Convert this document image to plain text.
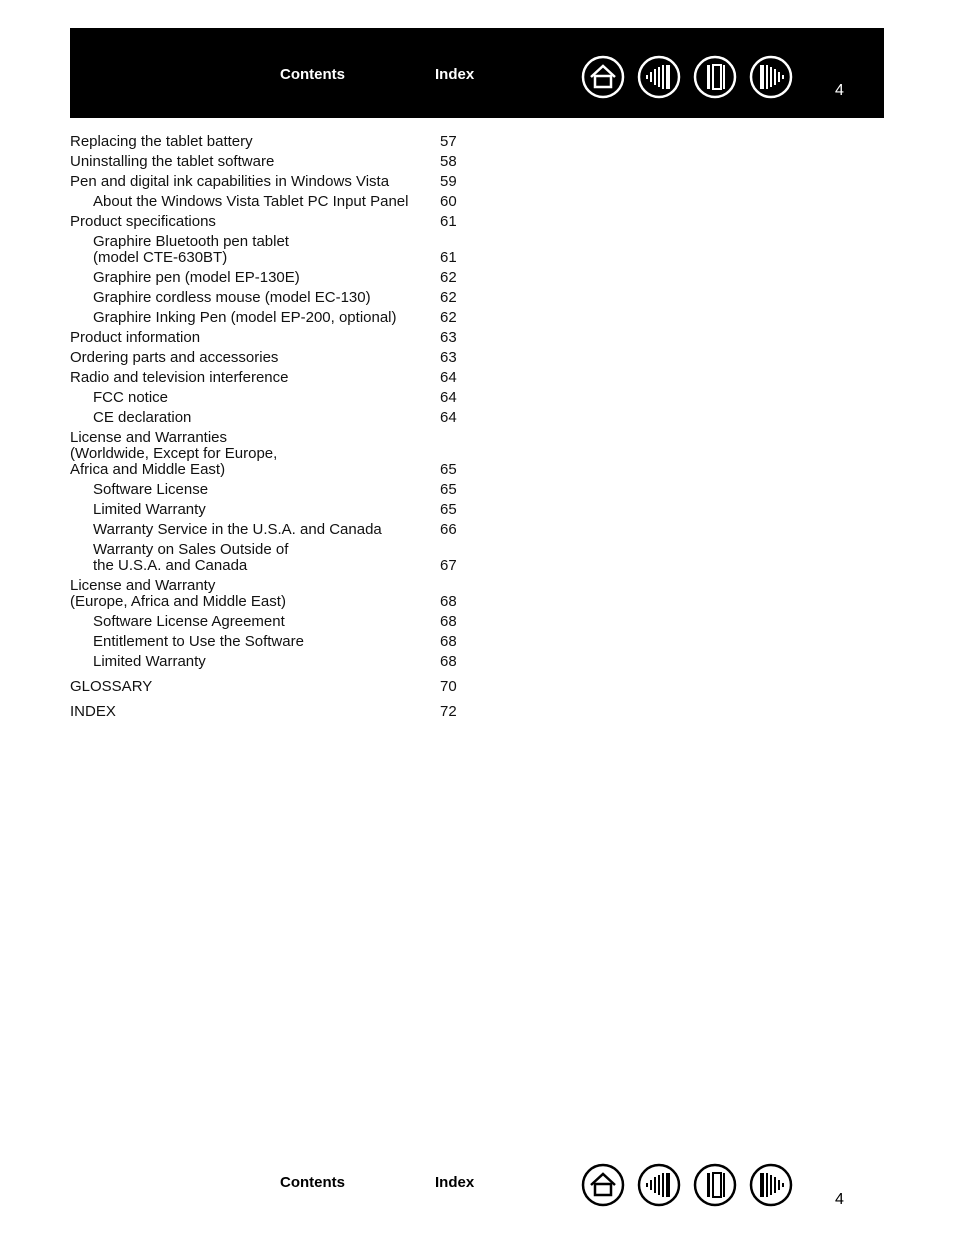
Contents	Index
4
Replacing the tablet battery	57
Uninstalling the tablet software	58
Pen and digital ink capabilities in Windows Vista	59
About the Windows Vista Tablet PC Input Panel	60
Product specifications	61
Graphire Bluetooth pen tablet
(model CTE-630BT)	61
Graphire pen (model EP-130E)	62
Graphire cordless mouse (model EC-130)	62
Graphire Inking Pen (model EP-200, optional)	62
Product information	63
Ordering parts and accessories	63
Radio and television interference	64
FCC notice	64
CE declaration	64
License and Warranties
(Worldwide, Except for Europe,
Africa and Middle East)	65
Software License	65
Limited Warranty	65
Warranty Service in the U.S.A. and Canada	66
Warranty on Sales Outside of
the U.S.A. and Canada	67
License and Warranty
(Europe, Africa and Middle East)	68
Software License Agreement	68
Entitlement to Use the Software	68
Limited Warranty	68
GLOSSARY	70
INDEX	72
Contents	Index
4
